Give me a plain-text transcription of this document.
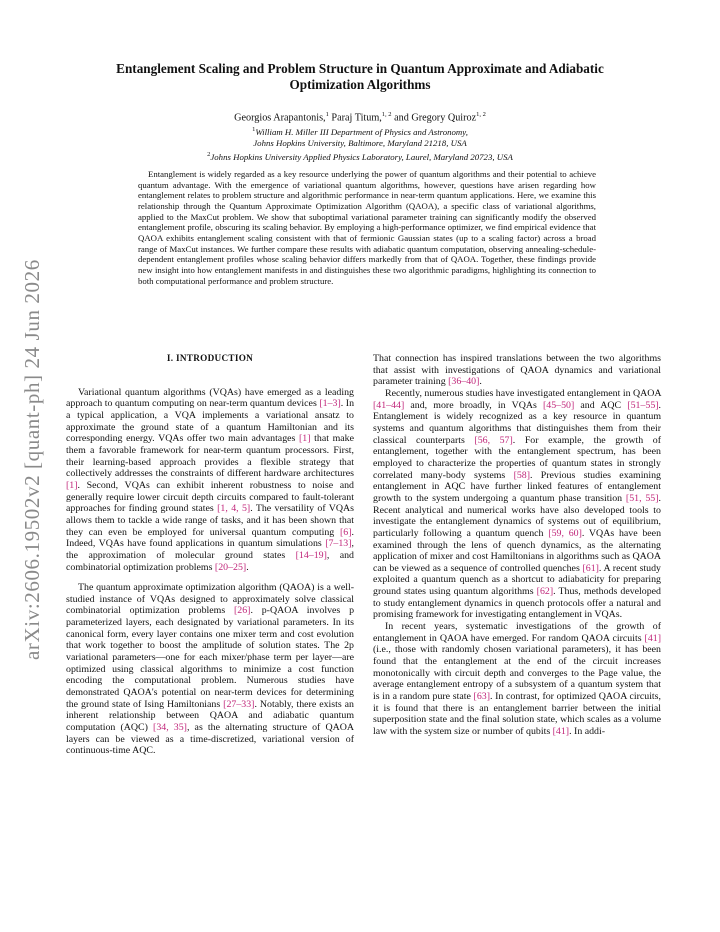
arXiv:2606.19502v2 [quant-ph] 24 Jun 2026
Entanglement Scaling and Problem Structure in Quantum Approximate and Adiabatic Optimization Algorithms

Georgios Arapantonis,$^1$ Paraj Titum,$^{1, 2}$ and Gregory Quiroz$^{1, 2}$

$^1$William H. Miller III Department of Physics and Astronomy,
Johns Hopkins University, Baltimore, Maryland 21218, USA

$^2$Johns Hopkins University Applied Physics Laboratory, Laurel, Maryland 20723, USA

Entanglement is widely regarded as a key resource underlying the power of quantum algorithms and their potential to achieve quantum advantage. With the emergence of variational quantum algorithms, however, questions have arisen regarding how entanglement relates to problem structure and algorithmic performance in near-term quantum applications. Here, we examine this relationship through the Quantum Approximate Optimization Algorithm (QAOA), a specific class of variational algorithms, applied to the MaxCut problem. We show that suboptimal variational parameter training can significantly modify the observed entanglement profile, obscuring its scaling behavior. By employing a high-performance optimizer, we find empirical evidence that QAOA exhibits entanglement scaling consistent with that of fermionic Gaussian states (up to a scaling factor) across a broad range of MaxCut instances. We further compare these results with adiabatic quantum computation, observing annealing-schedule-dependent entanglement profiles whose scaling behavior differs markedly from that of QAOA. Together, these findings provide new insight into how entanglement manifests in and distinguishes these two algorithmic paradigms, highlighting its connection to both computational performance and problem structure.

I. INTRODUCTION

Variational quantum algorithms (VQAs) have emerged as a leading approach to quantum computing on near-term quantum devices [1–3]. In a typical application, a VQA implements a variational ansatz to approximate the ground state of a quantum Hamiltonian and its corresponding energy. VQAs offer two main advantages [1] that make them a favorable framework for near-term quantum processors. First, their learning-based approach provides a flexible strategy that collectively addresses the constraints of different hardware architectures [1]. Second, VQAs can exhibit inherent robustness to noise and generally require lower circuit depth circuits compared to fault-tolerant approaches for finding ground states [1, 4, 5]. The versatility of VQAs allows them to tackle a wide range of tasks, and it has been shown that they can even be employed for universal quantum computing [6]. Indeed, VQAs have found applications in quantum simulations [7–13], the approximation of molecular ground states [14–19], and combinatorial optimization problems [20–25].

The quantum approximate optimization algorithm (QAOA) is a well-studied instance of VQAs designed to approximately solve classical combinatorial optimization problems [26]. p-QAOA involves p parameterized layers, each designated by variational parameters. In its canonical form, every layer contains one mixer term and cost evolution that work together to boost the amplitude of solution states. The 2p variational parameters—one for each mixer/phase term per layer—are optimized using classical algorithms to minimize a cost function encoding the computational problem. Numerous studies have demonstrated QAOA's potential on near-term devices for determining the ground state of Ising Hamiltonians [27–33]. Notably, there exists an inherent relationship between QAOA and adiabatic quantum computation (AQC) [34, 35], as the alternating structure of QAOA layers can be viewed as a time-discretized, variational version of continuous-time AQC.

That connection has inspired translations between the two algorithms that assist with investigations of QAOA dynamics and variational parameter training [36–40].

Recently, numerous studies have investigated entanglement in QAOA [41–44] and, more broadly, in VQAs [45–50] and AQC [51–55]. Entanglement is widely recognized as a key resource in quantum systems and quantum algorithms that distinguishes them from their classical counterparts [56, 57]. For example, the growth of entanglement, together with the entanglement spectrum, has been employed to characterize the properties of quantum states in strongly correlated many-body systems [58]. Previous studies examining entanglement in AQC have further linked features of entanglement growth to the system undergoing a quantum phase transition [51, 55]. Recent analytical and numerical works have also developed tools to investigate the entanglement dynamics of systems out of equilibrium, particularly following a quantum quench [59, 60]. VQAs have been examined through the lens of quench dynamics, as the alternating application of mixer and cost Hamiltonians in algorithms such as QAOA can be viewed as a sequence of controlled quenches [61]. A recent study exploited a quantum quench as a shortcut to adiabaticity for preparing ground states using quantum algorithms [62]. Thus, methods developed to study entanglement dynamics in quench protocols offer a natural and promising framework for investigating entanglement in VQAs.

In recent years, systematic investigations of the growth of entanglement in QAOA have emerged. For random QAOA circuits [41] (i.e., those with randomly chosen variational parameters), it has been found that the entanglement at the end of the circuit increases monotonically with circuit depth and converges to the Page value, the average entanglement entropy of a subsystem of a quantum system that is in a random pure state [63]. In contrast, for optimized QAOA circuits, it is found that there is an entanglement barrier between the initial superposition state and the final solution state, which scales as a volume law with the system size or number of qubits [41]. In addi-
